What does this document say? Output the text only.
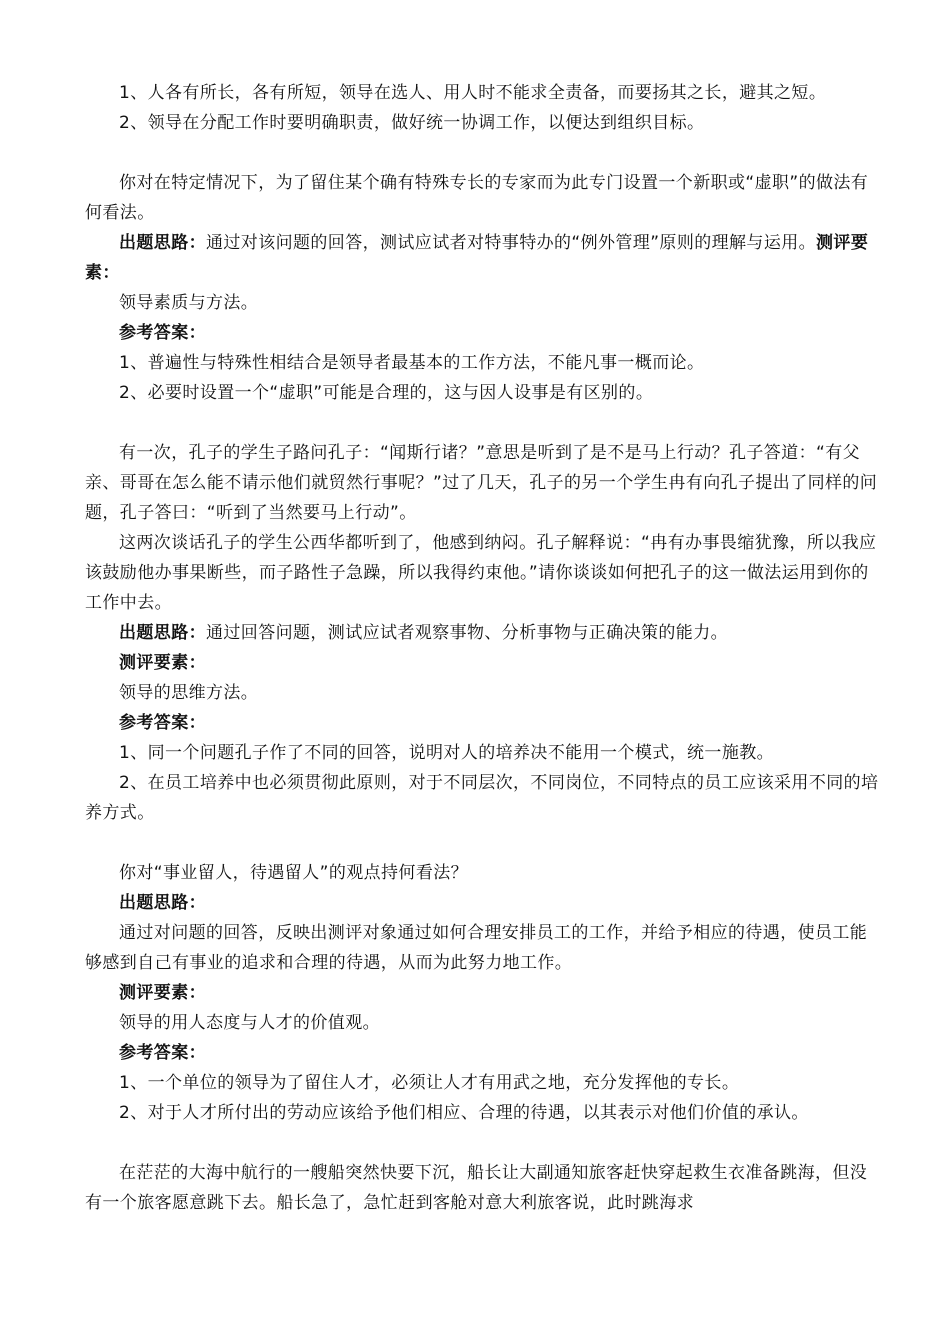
1、人各有所长，各有所短，领导在选人、用人时不能求全责备，而要扬其之长，避其之短。

2、领导在分配工作时要明确职责，做好统一协调工作，以便达到组织目标。

你对在特定情况下，为了留住某个确有特殊专长的专家而为此专门设置一个新职或“虚职”的做法有何看法。

出题思路：通过对该问题的回答，测试应试者对特事特办的“例外管理”原则的理解与运用。测评要素：

领导素质与方法。

参考答案：

1、普遍性与特殊性相结合是领导者最基本的工作方法，不能凡事一概而论。

2、必要时设置一个“虚职”可能是合理的，这与因人设事是有区别的。

有一次，孔子的学生子路问孔子：“闻斯行诸？”意思是听到了是不是马上行动？孔子答道：“有父亲、哥哥在怎么能不请示他们就贸然行事呢？”过了几天，孔子的另一个学生冉有向孔子提出了同样的问题，孔子答曰：“听到了当然要马上行动”。

这两次谈话孔子的学生公西华都听到了，他感到纳闷。孔子解释说：“冉有办事畏缩犹豫，所以我应该鼓励他办事果断些，而子路性子急躁，所以我得约束他。”请你谈谈如何把孔子的这一做法运用到你的工作中去。

出题思路：通过回答问题，测试应试者观察事物、分析事物与正确决策的能力。

测评要素：

领导的思维方法。

参考答案：

1、同一个问题孔子作了不同的回答，说明对人的培养决不能用一个模式，统一施教。

2、在员工培养中也必须贯彻此原则，对于不同层次，不同岗位，不同特点的员工应该采用不同的培养方式。

你对“事业留人，待遇留人”的观点持何看法？

出题思路：

通过对问题的回答，反映出测评对象通过如何合理安排员工的工作，并给予相应的待遇，使员工能够感到自己有事业的追求和合理的待遇，从而为此努力地工作。

测评要素：

领导的用人态度与人才的价值观。

参考答案：

1、一个单位的领导为了留住人才，必须让人才有用武之地，充分发挥他的专长。

2、对于人才所付出的劳动应该给予他们相应、合理的待遇，以其表示对他们价值的承认。

在茫茫的大海中航行的一艘船突然快要下沉，船长让大副通知旅客赶快穿起救生衣准备跳海，但没有一个旅客愿意跳下去。船长急了，急忙赶到客舱对意大利旅客说，此时跳海求
